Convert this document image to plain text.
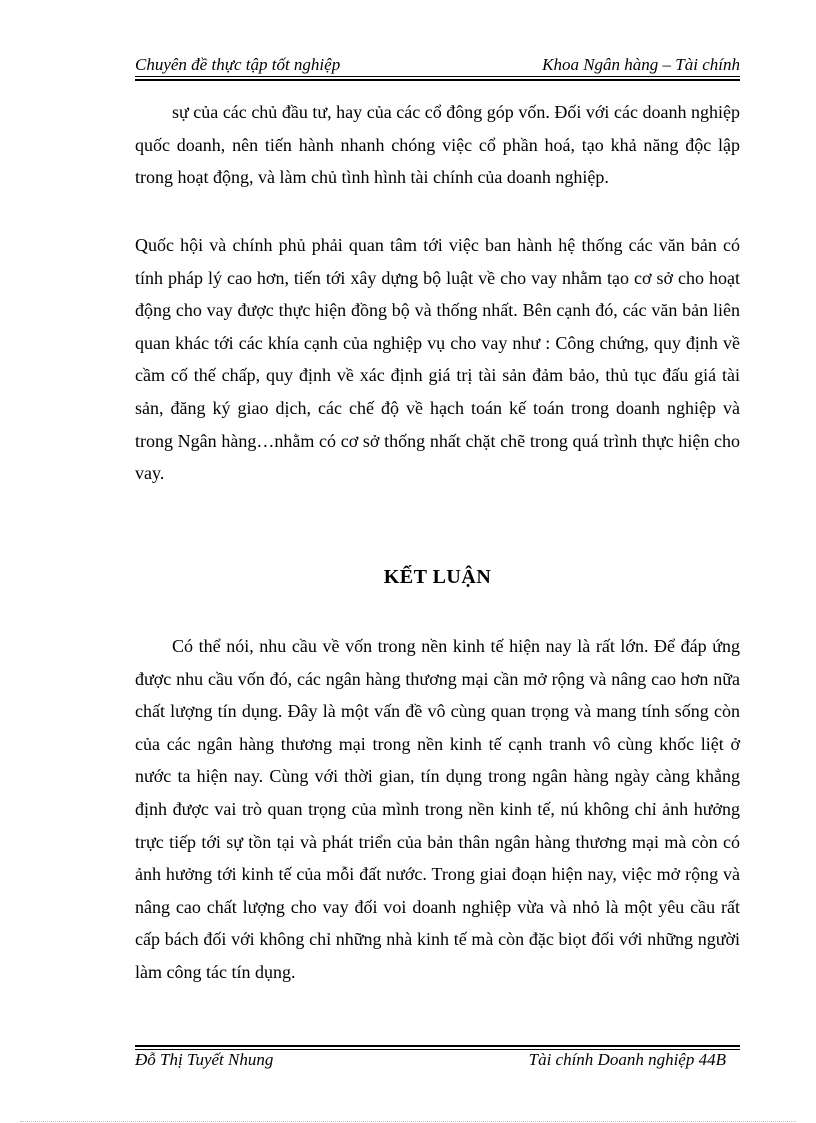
Chuyên đề thực tập tốt nghiệp	Khoa Ngân hàng – Tài chính

sự của các chủ đầu tư, hay của các cổ đông góp vốn. Đối với các doanh nghiệp quốc doanh, nên tiến hành nhanh chóng việc cổ phần hoá, tạo khả năng độc lập trong hoạt động, và làm chủ tình hình tài chính của doanh nghiệp.

Quốc hội và chính phủ phải quan tâm tới việc ban hành hệ thống các văn bản có tính pháp lý cao hơn, tiến tới xây dựng bộ luật về cho vay nhằm tạo cơ sở cho hoạt động cho vay được thực hiện đồng bộ và thống nhất. Bên cạnh đó, các văn bản liên quan khác tới các khía cạnh của nghiệp vụ cho vay như : Công chứng, quy định về cầm cố thế chấp, quy định về xác định giá trị tài sản đảm bảo, thủ tục đấu giá tài sản, đăng ký giao dịch, các chế độ về hạch toán kế toán trong doanh nghiệp và trong Ngân hàng…nhằm có cơ sở thống nhất chặt chẽ trong quá trình thực hiện cho vay.

KẾT LUẬN

Có thể nói, nhu cầu về vốn trong nền kinh tế hiện nay là rất lớn. Để đáp ứng được nhu cầu vốn đó, các ngân hàng thương mại cần mở rộng và nâng cao hơn nữa chất lượng tín dụng. Đây là một vấn đề vô cùng quan trọng và mang tính sống còn của các ngân hàng thương mại trong nền kinh tế cạnh tranh vô cùng khốc liệt ở nước ta hiện nay. Cùng với thời gian, tín dụng trong ngân hàng ngày càng khẳng định được vai trò quan trọng của mình trong nền kinh tế, nú không chỉ ảnh hưởng trực tiếp tới sự tồn tại và phát triển của bản thân ngân hàng thương mại mà còn có ảnh hưởng tới kinh tế của mỗi đất nước. Trong giai đoạn hiện nay, việc mở rộng và nâng cao chất lượng cho vay đối voi doanh nghiệp vừa và nhỏ là một yêu cầu rất cấp bách đối với không chỉ những nhà kinh tế mà còn đặc biọt đối với những người làm công tác tín dụng.

Đỗ Thị Tuyết Nhung	Tài chính Doanh nghiệp 44B
